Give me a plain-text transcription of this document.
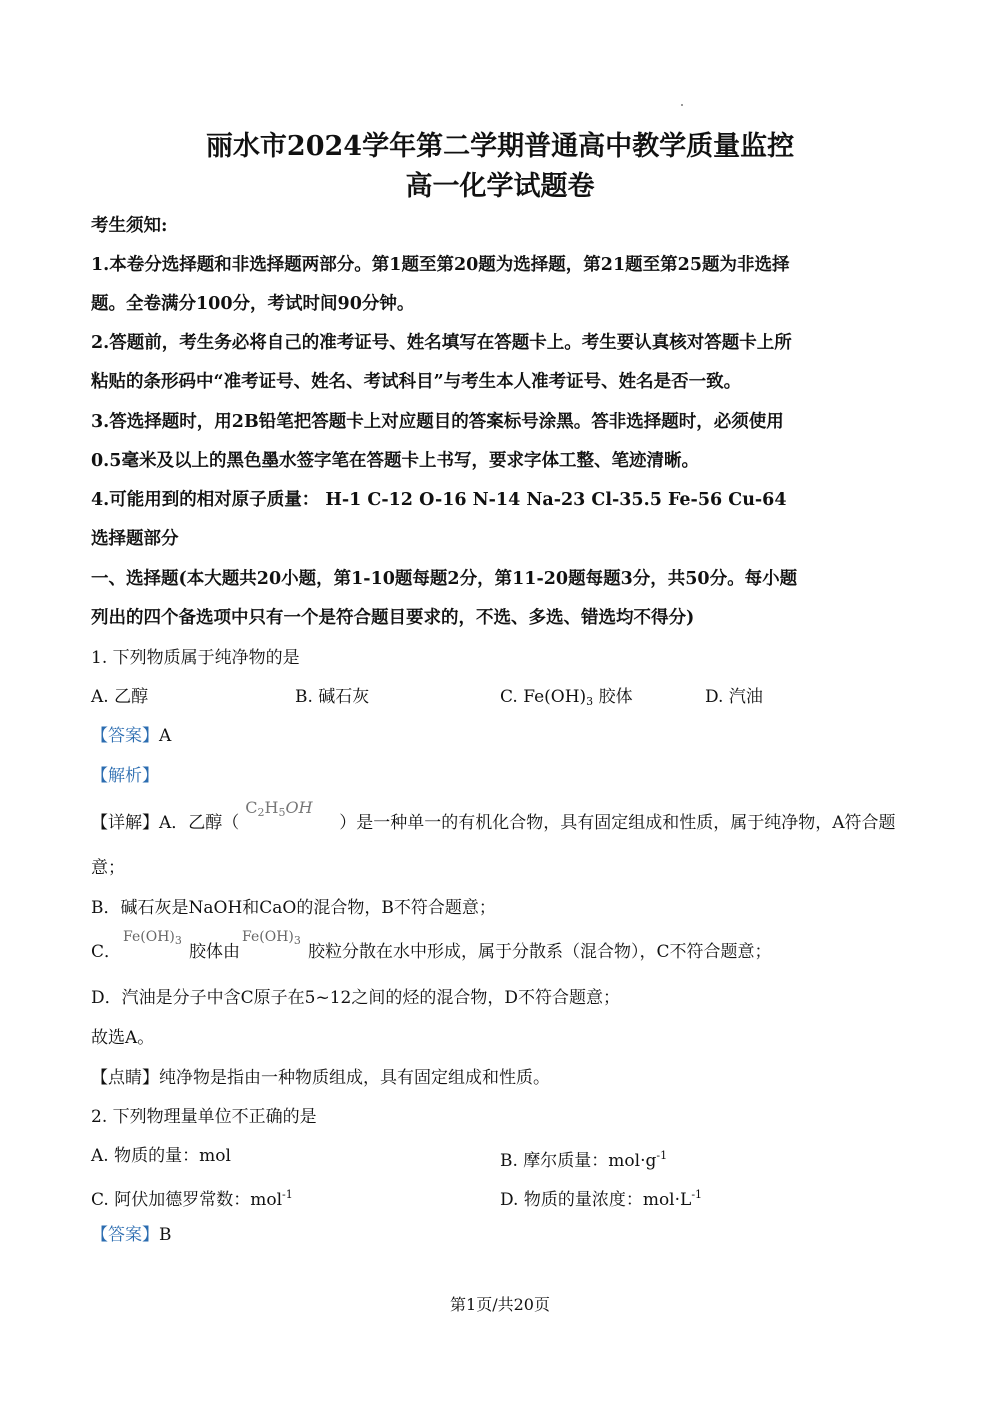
丽水市2024学年第二学期普通高中教学质量监控
高一化学试题卷
考生须知:
1.本卷分选择题和非选择题两部分。第1题至第20题为选择题，第21题至第25题为非选择
题。全卷满分100分，考试时间90分钟。
2.答题前，考生务必将自己的准考证号、姓名填写在答题卡上。考生要认真核对答题卡上所
粘贴的条形码中“准考证号、姓名、考试科目”与考生本人准考证号、姓名是否一致。
3.答选择题时，用2B铅笔把答题卡上对应题目的答案标号涂黑。答非选择题时，必须使用
0.5毫米及以上的黑色墨水签字笔在答题卡上书写，要求字体工整、笔迹清晰。
4.可能用到的相对原子质量： H-1 C-12 O-16 N-14 Na-23 Cl-35.5 Fe-56 Cu-64
选择题部分
一、选择题(本大题共20小题，第1-10题每题2分，第11-20题每题3分，共50分。每小题
列出的四个备选项中只有一个是符合题目要求的，不选、多选、错选均不得分)
1. 下列物质属于纯净物的是
A. 乙醇	B. 碱石灰	C. $Fe(OH)_3$ 胶体	D. 汽油
【答案】A
【解析】
【详解】A．乙醇（
$C_2H_5OH$
）是一种单一的有机化合物，具有固定组成和性质，属于纯净物，A符合题
意；
B．碱石灰是NaOH和CaO的混合物，B不符合题意；
C．
$Fe(OH)_3$
胶体由
$Fe(OH)_3$
胶粒分散在水中形成，属于分散系（混合物），C不符合题意；
D．汽油是分子中含C原子在5~12之间的烃的混合物，D不符合题意；
故选A。
【点睛】纯净物是指由一种物质组成，具有固定组成和性质。
2. 下列物理量单位不正确的是
A. 物质的量：mol	B. 摩尔质量：$mol\cdot g^{-1}$
C. 阿伏加德罗常数：mol$^{-1}$	D. 物质的量浓度：$mol\cdot L^{-1}$
【答案】B
第1页/共20页
